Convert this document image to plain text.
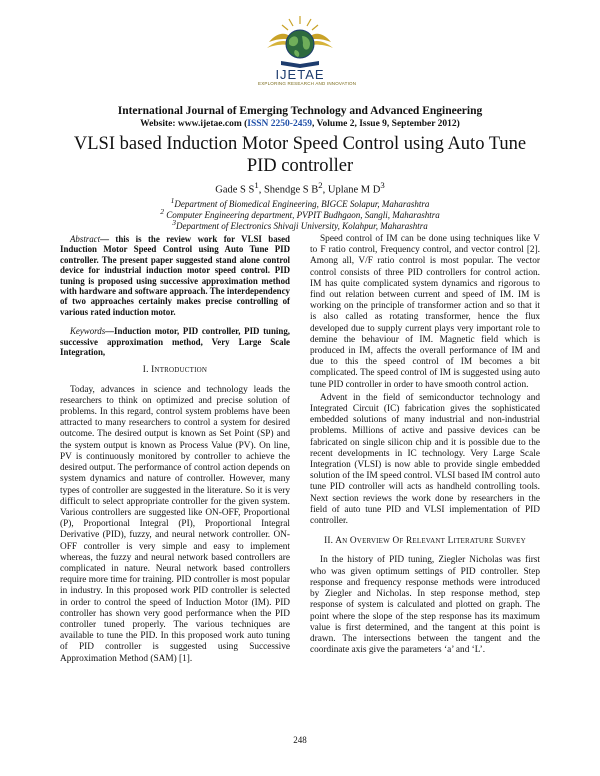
IJETAE
EXPLORING RESEARCH AND INNOVATION
International Journal of Emerging Technology and Advanced Engineering
Website: www.ijetae.com (ISSN 2250-2459, Volume 2, Issue 9, September 2012)
VLSI based Induction Motor Speed Control using Auto Tune PID controller
Gade S $S^1$, Shendge S $B^2$, Uplane M $D^3$
$^1$Department of Biomedical Engineering, BIGCE Solapur, Maharashtra
$^2$ Computer Engineering department, PVPIT Budhgaon, Sangli, Maharashtra
$^3$Department of Electronics Shivaji University, Kolahpur, Maharashtra

Abstract— this is the review work for VLSI based Induction Motor Speed Control using Auto Tune PID controller. The present paper suggested stand alone control device for industrial induction motor speed control. PID tuning is proposed using successive approximation method with hardware and software approach. The interdependency of two approaches certainly makes precise controlling of various rated induction motor.

Keywords—Induction motor, PID controller, PID tuning, successive approximation method, Very Large Scale Integration,

I. Introduction

Today, advances in science and technology leads the researchers to think on optimized and precise solution of problems. In this regard, control system problems have been attracted to many researchers to control a system for desired outcome. The desired output is known as Set Point (SP) and the system output is known as Process Value (PV). On line, PV is continuously monitored by controller to achieve the desired output. The performance of control action depends on system dynamics and nature of controller. However, many types of controller are suggested in the literature. So it is very difficult to select appropriate controller for the given system. Various controllers are suggested like ON-OFF, Proportional (P), Proportional Integral (PI), Proportional Integral Derivative (PID), fuzzy, and neural network controller. ON-OFF controller is very simple and easy to implement whereas, the fuzzy and neural network based controllers are complicated in nature. Neural network based controllers require more time for training. PID controller is most popular in industry. In this proposed work PID controller is selected in order to control the speed of Induction Motor (IM). PID controller has shown very good performance when the PID controller tuned properly. The various techniques are available to tune the PID. In this proposed work auto tuning of PID controller is suggested using Successive Approximation Method (SAM) [1].

Speed control of IM can be done using techniques like V to F ratio control, Frequency control, and vector control [2]. Among all, V/F ratio control is most popular. The vector control consists of three PID controllers for control action. IM has quite complicated system dynamics and rigorous to find out relation between current and speed of IM. IM is working on the principle of transformer action and so that it is also called as rotating transformer, hence the flux developed due to supply current plays very important role to demine the behaviour of IM. Magnetic field which is produced in IM, affects the overall performance of IM and due to this the speed control of IM becomes a bit complicated. The speed control of IM is suggested using auto tune PID controller in order to have smooth control action.

Advent in the field of semiconductor technology and Integrated Circuit (IC) fabrication gives the sophisticated embedded solutions of many industrial and non-industrial problems. Millions of active and passive devices can be fabricated on single silicon chip and it is possible due to the recent developments in IC technology. Very Large Scale Integration (VLSI) is now able to provide single embedded solution of the IM speed control. VLSI based IM control auto tune PID controller will acts as handheld controlling tools. Next section reviews the work done by researchers in the field of auto tune PID and VLSI implementation of PID controller.

II. An Overview Of Relevant Literature Survey

In the history of PID tuning, Ziegler Nicholas was first who was given optimum settings of PID controller. Step response and frequency response methods were introduced by Ziegler and Nicholas. In step response method, step response of system is calculated and plotted on graph. The point where the slope of the step response has its maximum value is first determined, and the tangent at this point is drawn. The intersections between the tangent and the coordinate axis give the parameters ‘a’ and ‘L’.

248
